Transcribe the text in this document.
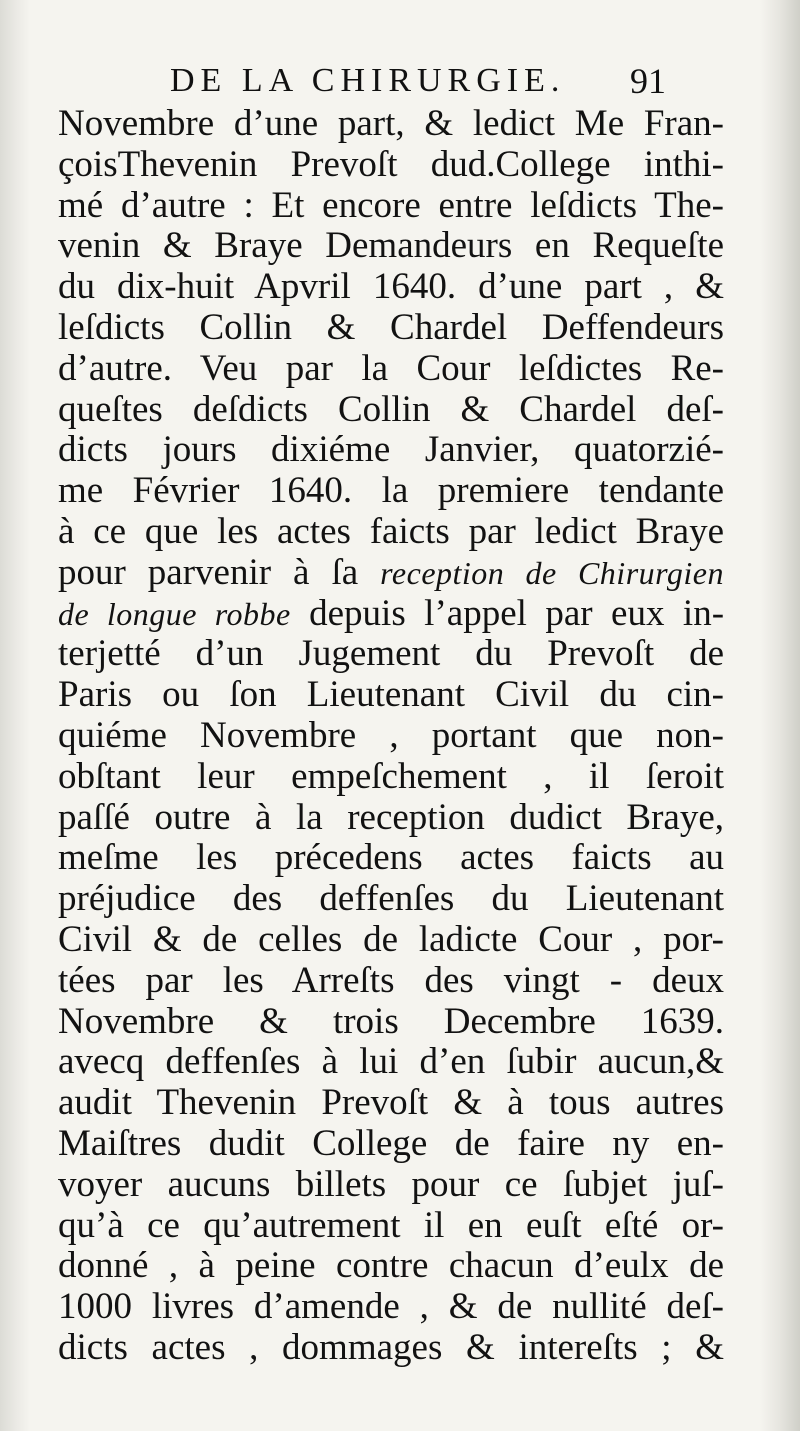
DE LA CHIRURGIE. 91
Novembre d’une part, & ledict Me Fran-
çoisThevenin Prevoſt dud.College inthi-
mé d’autre : Et encore entre leſdicts The-
venin & Braye Demandeurs en Requeſte
du dix-huit Apvril 1640. d’une part , &
leſdicts Collin & Chardel Deffendeurs
d’autre. Veu par la Cour leſdictes Re-
queſtes deſdicts Collin & Chardel deſ-
dicts jours dixiéme Janvier, quatorzié-
me Février 1640. la premiere tendante
à ce que les actes faicts par ledict Braye
pour parvenir à ſa reception de Chirurgien
de longue robbe depuis l’appel par eux in-
terjetté d’un Jugement du Prevoſt de
Paris ou ſon Lieutenant Civil du cin-
quiéme Novembre , portant que non-
obſtant leur empeſchement , il ſeroit
paſſé outre à la reception dudict Braye,
meſme les précedens actes faicts au
préjudice des deffenſes du Lieutenant
Civil & de celles de ladicte Cour , por-
tées par les Arreſts des vingt - deux
Novembre & trois Decembre 1639.
avecq deffenſes à lui d’en ſubir aucun,&
audit Thevenin Prevoſt & à tous autres
Maiſtres dudit College de faire ny en-
voyer aucuns billets pour ce ſubjet juſ-
qu’à ce qu’autrement il en euſt eſté or-
donné , à peine contre chacun d’eulx de
1000 livres d’amende , & de nullité deſ-
dicts actes , dommages & intereſts ; &
